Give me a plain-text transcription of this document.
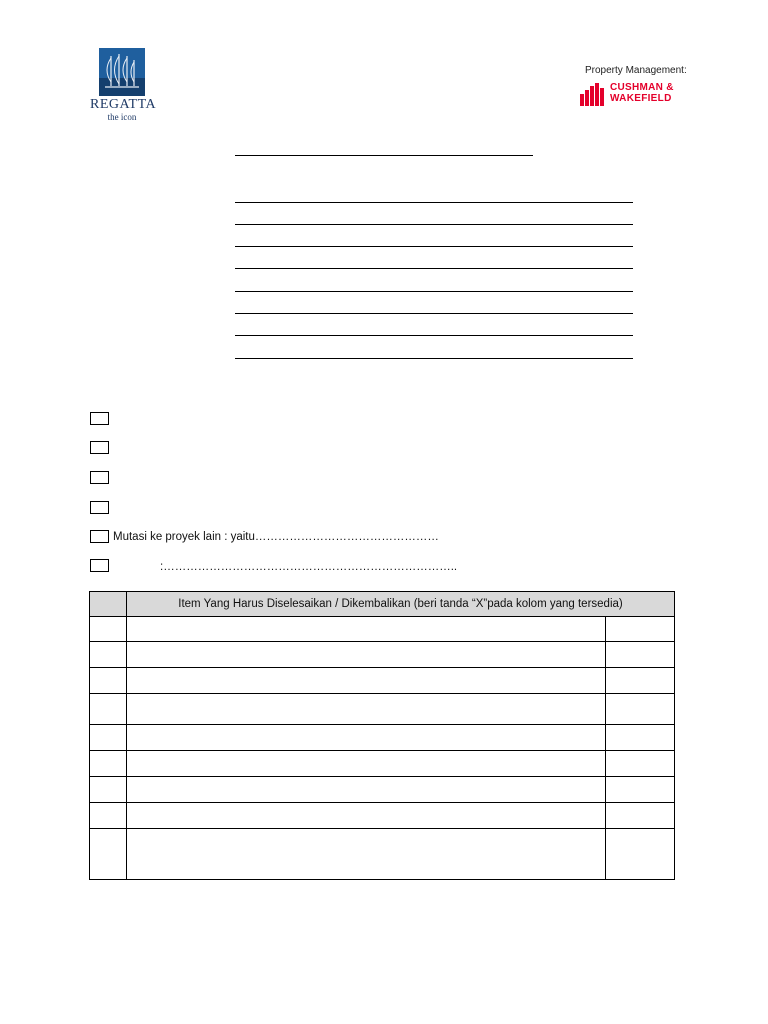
REGATTA
the icon
Property Management:
CUSHMAN &
WAKEFIELD
Mutasi ke proyek lain : yaitu…………………………………………
:…………………………………………………………………..
	Item Yang Harus Diselesaikan / Dikembalikan (beri tanda “X”pada kolom yang tersedia)	
